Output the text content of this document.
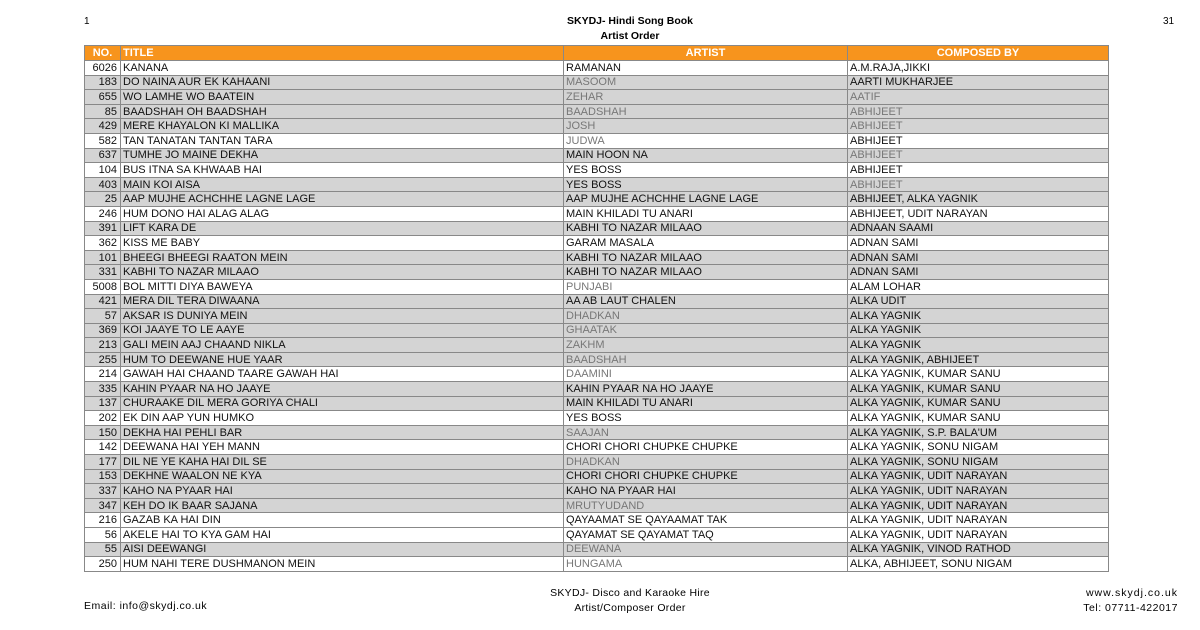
1	SKYDJ- Hindi Song Book	31
Artist Order
NO.	TITLE	ARTIST	COMPOSED BY
6026	KANANA	RAMANAN	A.M.RAJA,JIKKI
183	DO NAINA AUR EK KAHAANI	MASOOM	AARTI MUKHARJEE
655	WO LAMHE WO BAATEIN	ZEHAR	AATIF
85	BAADSHAH OH BAADSHAH	BAADSHAH	ABHIJEET
429	MERE KHAYALON KI MALLIKA	JOSH	ABHIJEET
582	TAN TANATAN TANTAN TARA	JUDWA	ABHIJEET
637	TUMHE JO MAINE DEKHA	MAIN HOON NA	ABHIJEET
104	BUS ITNA SA KHWAAB HAI	YES BOSS	ABHIJEET
403	MAIN KOI AISA	YES BOSS	ABHIJEET
25	AAP MUJHE ACHCHHE LAGNE LAGE	AAP MUJHE ACHCHHE LAGNE LAGE	ABHIJEET, ALKA YAGNIK
246	HUM DONO HAI ALAG ALAG	MAIN KHILADI TU ANARI	ABHIJEET, UDIT NARAYAN
391	LIFT KARA DE	KABHI TO NAZAR MILAAO	ADNAAN SAAMI
362	KISS ME BABY	GARAM MASALA	ADNAN SAMI
101	BHEEGI BHEEGI RAATON MEIN	KABHI TO NAZAR MILAAO	ADNAN SAMI
331	KABHI TO NAZAR MILAAO	KABHI TO NAZAR MILAAO	ADNAN SAMI
5008	BOL MITTI DIYA BAWEYA	PUNJABI	ALAM LOHAR
421	MERA DIL TERA DIWAANA	AA AB LAUT CHALEN	ALKA UDIT
57	AKSAR IS DUNIYA MEIN	DHADKAN	ALKA YAGNIK
369	KOI JAAYE TO LE AAYE	GHAATAK	ALKA YAGNIK
213	GALI MEIN AAJ CHAAND NIKLA	ZAKHM	ALKA YAGNIK
255	HUM TO DEEWANE HUE YAAR	BAADSHAH	ALKA YAGNIK, ABHIJEET
214	GAWAH HAI CHAAND TAARE GAWAH HAI	DAAMINI	ALKA YAGNIK, KUMAR SANU
335	KAHIN PYAAR NA HO JAAYE	KAHIN PYAAR NA HO JAAYE	ALKA YAGNIK, KUMAR SANU
137	CHURAAKE DIL MERA GORIYA CHALI	MAIN KHILADI TU ANARI	ALKA YAGNIK, KUMAR SANU
202	EK DIN AAP YUN HUMKO	YES BOSS	ALKA YAGNIK, KUMAR SANU
150	DEKHA HAI PEHLI BAR	SAAJAN	ALKA YAGNIK, S.P. BALA'UM
142	DEEWANA HAI YEH MANN	CHORI CHORI CHUPKE CHUPKE	ALKA YAGNIK, SONU NIGAM
177	DIL NE YE KAHA HAI DIL SE	DHADKAN	ALKA YAGNIK, SONU NIGAM
153	DEKHNE WAALON NE KYA	CHORI CHORI CHUPKE CHUPKE	ALKA YAGNIK, UDIT NARAYAN
337	KAHO NA PYAAR HAI	KAHO NA PYAAR HAI	ALKA YAGNIK, UDIT NARAYAN
347	KEH DO IK BAAR SAJANA	MRUTYUDAND	ALKA YAGNIK, UDIT NARAYAN
216	GAZAB KA HAI DIN	QAYAAMAT SE QAYAAMAT TAK	ALKA YAGNIK, UDIT NARAYAN
56	AKELE HAI TO KYA GAM HAI	QAYAMAT SE QAYAMAT TAQ	ALKA YAGNIK, UDIT NARAYAN
55	AISI DEEWANGI	DEEWANA	ALKA YAGNIK, VINOD RATHOD
250	HUM NAHI TERE DUSHMANON MEIN	HUNGAMA	ALKA, ABHIJEET, SONU NIGAM
SKYDJ- Disco and Karaoke Hire
Artist/Composer Order
Email: info@skydj.co.uk
www.skydj.co.uk
Tel: 07711-422017
